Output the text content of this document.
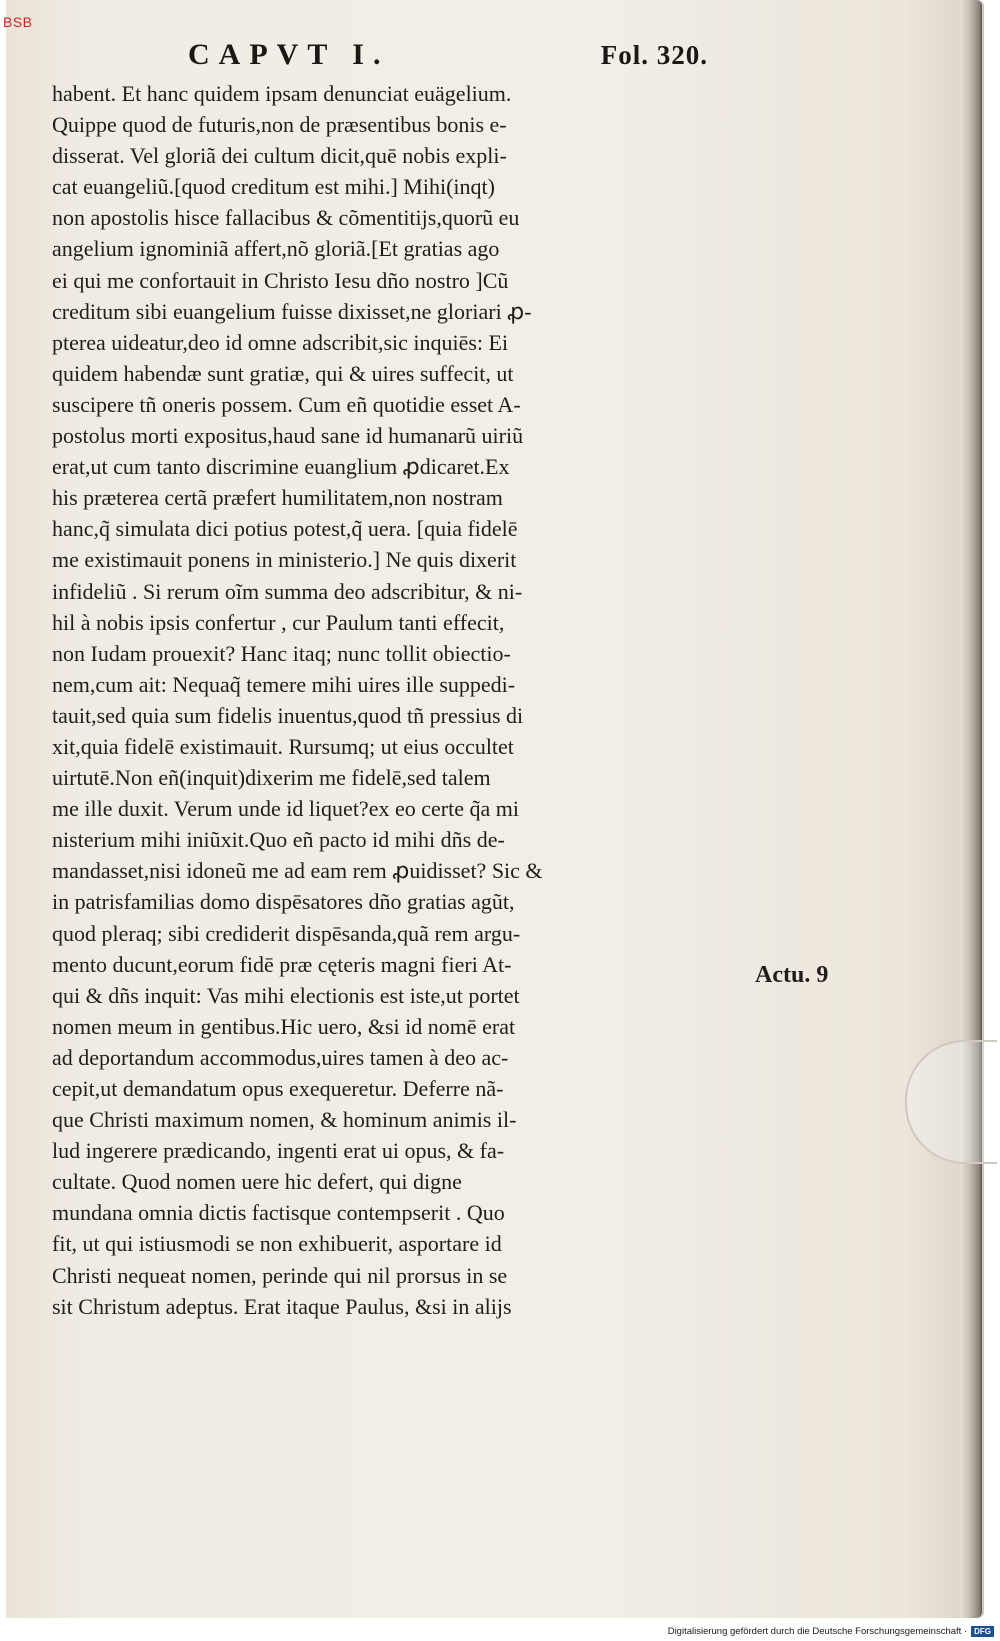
BSB
CAPVT I.	Fol. 320.
habent. Et hanc quidem ipsam denunciat euägelium.
Quippe quod de futuris,non de præsentibus bonis e-
disserat. Vel gloriã dei cultum dicit,quē nobis expli-
cat euangeliũ.[quod creditum est mihi.] Mihi(inqt)
non apostolis hisce fallacibus & cõmentitijs,quorũ eu
angelium ignominiã affert,nõ gloriã.[Et gratias ago
ei qui me confortauit in Christo Iesu dño nostro ]Cũ
creditum sibi euangelium fuisse dixisset,ne gloriari ꝓ-
pterea uideatur,deo id omne adscribit,sic inquiēs: Ei
quidem habendæ sunt gratiæ, qui & uires suffecit, ut
suscipere tñ oneris possem. Cum eñ quotidie esset A-
postolus morti expositus,haud sane id humanarũ uiriũ
erat,ut cum tanto discrimine euanglium ꝓdicaret.Ex
his præterea certã præfert humilitatem,non nostram
hanc,q̃ simulata dici potius potest,q̃ uera. [quia fidelē
me existimauit ponens in ministerio.] Ne quis dixerit
infideliũ . Si rerum oĩm summa deo adscribitur, & ni-
hil à nobis ipsis confertur , cur Paulum tanti effecit,
non Iudam prouexit? Hanc itaq; nunc tollit obiectio-
nem,cum ait: Nequaq̃ temere mihi uires ille suppedi-
tauit,sed quia sum fidelis inuentus,quod tñ pressius di
xit,quia fidelē existimauit. Rursumq; ut eius occultet
uirtutē.Non eñ(inquit)dixerim me fidelē,sed talem
me ille duxit. Verum unde id liquet?ex eo certe q̃a mi
nisterium mihi iniũxit.Quo eñ pacto id mihi dñs de-
mandasset,nisi idoneũ me ad eam rem ꝓuidisset? Sic &
in patrisfamilias domo dispēsatores dño gratias agũt,
quod pleraq; sibi crediderit dispēsanda,quã rem argu-
mento ducunt,eorum fidē præ cęteris magni fieri At-
qui & dñs inquit: Vas mihi electionis est iste,ut portet
nomen meum in gentibus.Hic uero, &si id nomē erat
ad deportandum accommodus,uires tamen à deo ac-
cepit,ut demandatum opus exequeretur. Deferre nã-
que Christi maximum nomen, & hominum animis il-
lud ingerere prædicando, ingenti erat ui opus, & fa-
cultate. Quod nomen uere hic defert, qui digne
mundana omnia dictis factisque contempserit . Quo
fit, ut qui istiusmodi se non exhibuerit, asportare id
Christi nequeat nomen, perinde qui nil prorsus in se
sit Christum adeptus. Erat itaque Paulus, &si in alijs
Actu. 9
Digitalisierung gefördert durch die Deutsche Forschungsgemeinschaft · DFG
